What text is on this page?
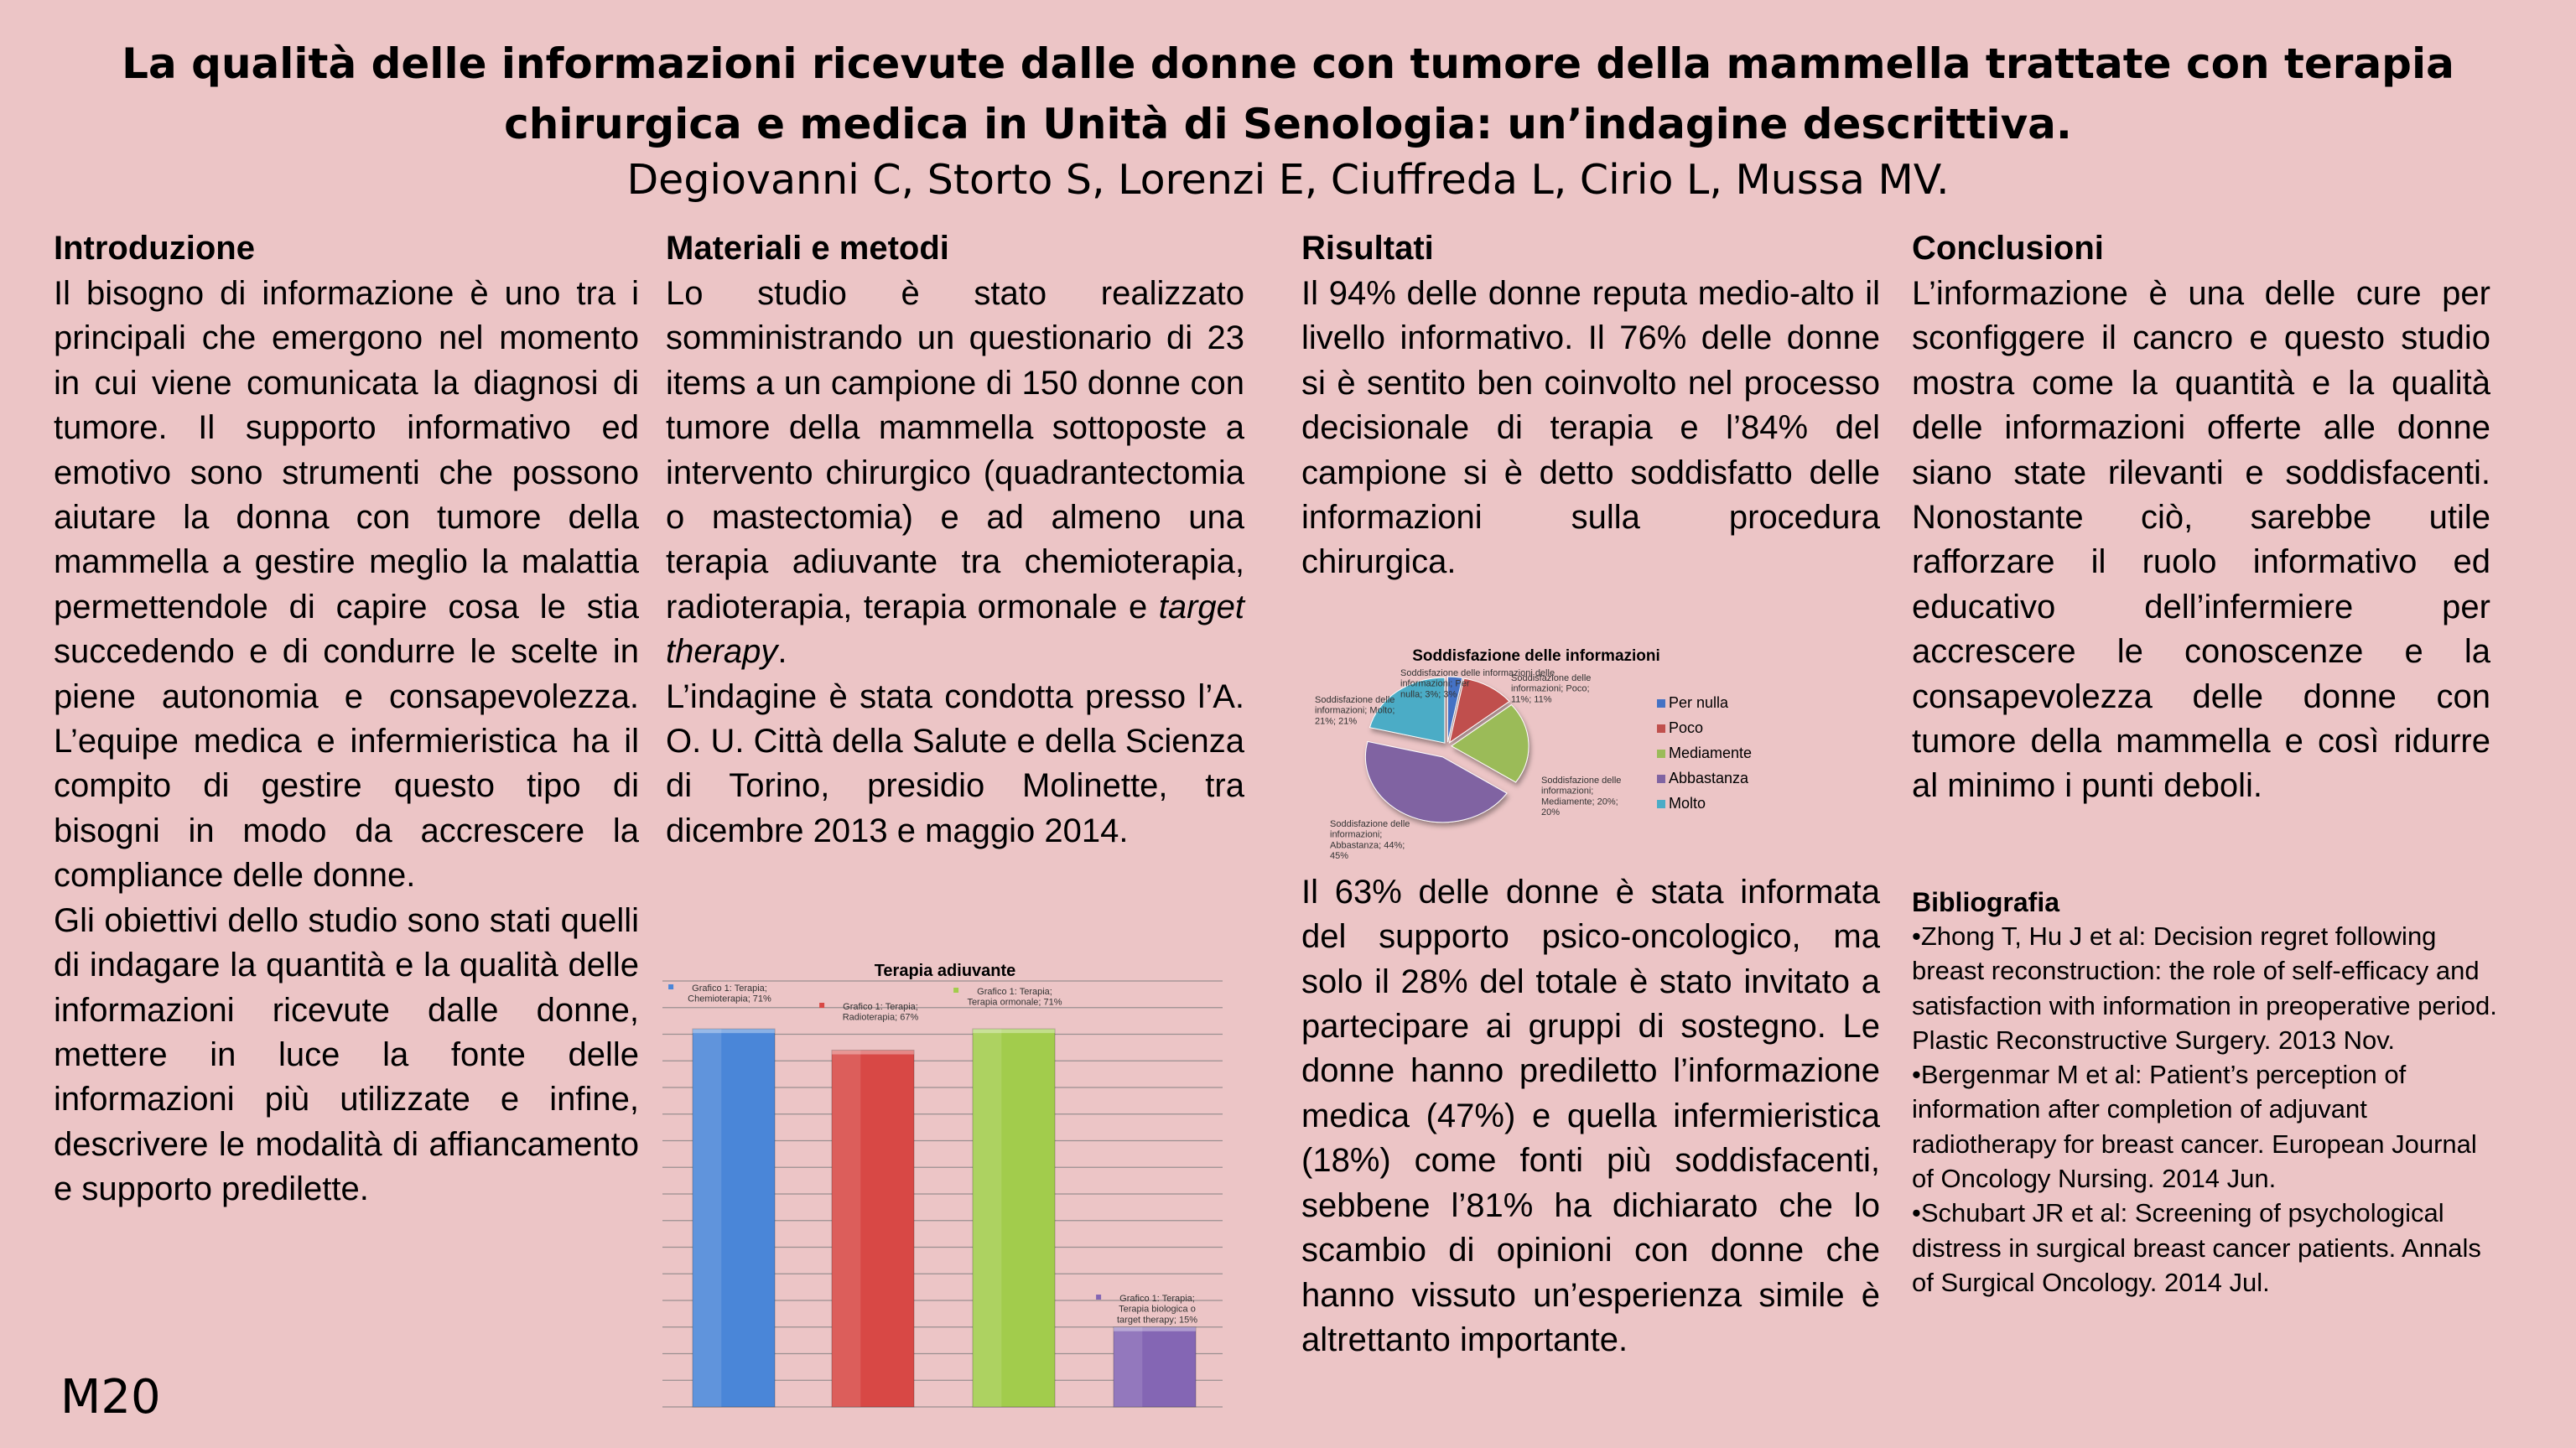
La qualità delle informazioni ricevute dalle donne con tumore della mammella trattate con terapia chirurgica e medica in Unità di Senologia: un’indagine descrittiva.
Degiovanni C, Storto S, Lorenzi E, Ciuffreda L, Cirio L, Mussa MV.
Introduzione

Il bisogno di informazione è uno tra i principali che emergono nel momento in cui viene comunicata la diagnosi di tumore. Il supporto informativo ed emotivo sono strumenti che possono aiutare la donna con tumore della mammella a gestire meglio la malattia permettendole di capire cosa le stia succedendo e di condurre le scelte in piene autonomia e consapevolezza. L’equipe medica e infermieristica ha il compito di gestire questo tipo di bisogni in modo da accrescere la compliance delle donne.

Gli obiettivi dello studio sono stati quelli di indagare la quantità e la qualità delle informazioni ricevute dalle donne, mettere in luce la fonte delle informazioni più utilizzate e infine, descrivere le modalità di affiancamento e supporto predilette.

Materiali e metodi

Lo studio è stato realizzato somministrando un questionario di 23 items a un campione di 150 donne con tumore della mammella sottoposte a intervento chirurgico (quadrantectomia o mastectomia) e ad almeno una terapia adiuvante tra chemioterapia, radioterapia, terapia ormonale e target therapy.

L’indagine è stata condotta presso l’A. O. U. Città della Salute e della Scienza di Torino, presidio Molinette, tra dicembre 2013 e maggio 2014.

Risultati

Il 94% delle donne reputa medio-alto il livello informativo. Il 76% delle donne si è sentito ben coinvolto nel processo decisionale di terapia e l’84% del campione si è detto soddisfatto delle informazioni sulla procedura chirurgica.

Il 63% delle donne è stata informata del supporto psico-oncologico, ma solo il 28% del totale è stato invitato a partecipare ai gruppi di sostegno. Le donne hanno prediletto l’informazione medica (47%) e quella infermieristica (18%) come fonti più soddisfacenti, sebbene l’81% ha dichiarato che lo scambio di opinioni con donne che hanno vissuto un’esperienza simile è altrettanto importante.

Conclusioni

L’informazione è una delle cure per sconfiggere il cancro e questo studio mostra come la quantità e la qualità delle informazioni offerte alle donne siano state rilevanti e soddisfacenti. Nonostante ciò, sarebbe utile rafforzare il ruolo informativo ed educativo dell’infermiere per accrescere le conoscenze e la consapevolezza delle donne con tumore della mammella e così ridurre al minimo i punti deboli.

Bibliografia

•Zhong T, Hu J et al: Decision regret following breast reconstruction: the role of self-efficacy and satisfaction with information in preoperative period. Plastic Reconstructive Surgery. 2013 Nov.

•Bergenmar M et al: Patient’s perception of information after completion of adjuvant radiotherapy for breast cancer. European Journal of Oncology Nursing. 2014 Jun.

•Schubart JR et al: Screening of psychological distress in surgical breast cancer patients. Annals of Surgical Oncology. 2014 Jul.

M20
Soddisfazione delle informazioni
Soddisfazione delle informazioni delle informazioni; Per nulla; 3%; 3%
Soddisfazione delle informazioni; Poco; 11%; 11%
Soddisfazione delle informazioni; Mediamente; 20%; 20%
Soddisfazione delle informazioni; Abbastanza; 44%; 45%
Soddisfazione delle informazioni; Molto; 21%; 21%
Per nulla
Poco
Mediamente
Abbastanza
Molto
Terapia adiuvante
Grafico 1: Terapia; Chemioterapia; 71%
Grafico 1: Terapia; Radioterapia; 67%
Grafico 1: Terapia; Terapia ormonale; 71%
Grafico 1: Terapia; Terapia biologica o target therapy; 15%
